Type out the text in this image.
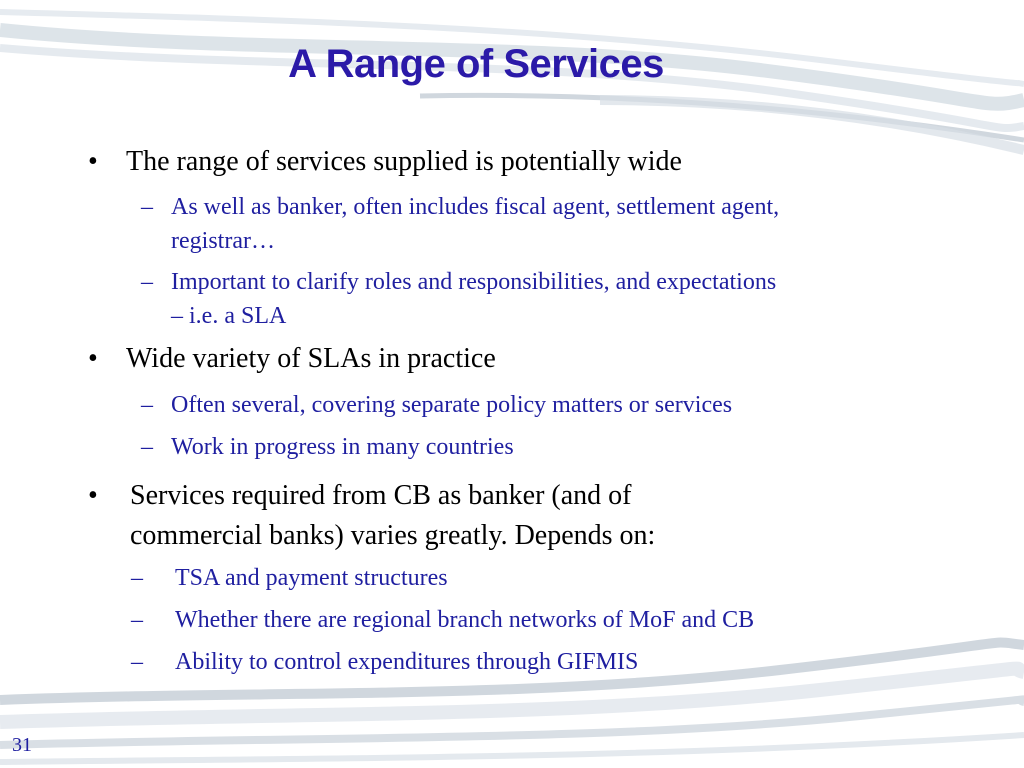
A Range of Services
• The range of services supplied is potentially wide
– As well as banker, often includes fiscal agent, settlement agent,
registrar…
– Important to clarify roles and responsibilities, and expectations
– i.e. a SLA
• Wide variety of SLAs in practice
– Often several, covering separate policy matters or services
– Work in progress in many countries
• Services required from CB as banker (and of
commercial banks) varies greatly. Depends on:
– TSA and payment structures
– Whether there are regional branch networks of MoF and CB
– Ability to control expenditures through GIFMIS
31
